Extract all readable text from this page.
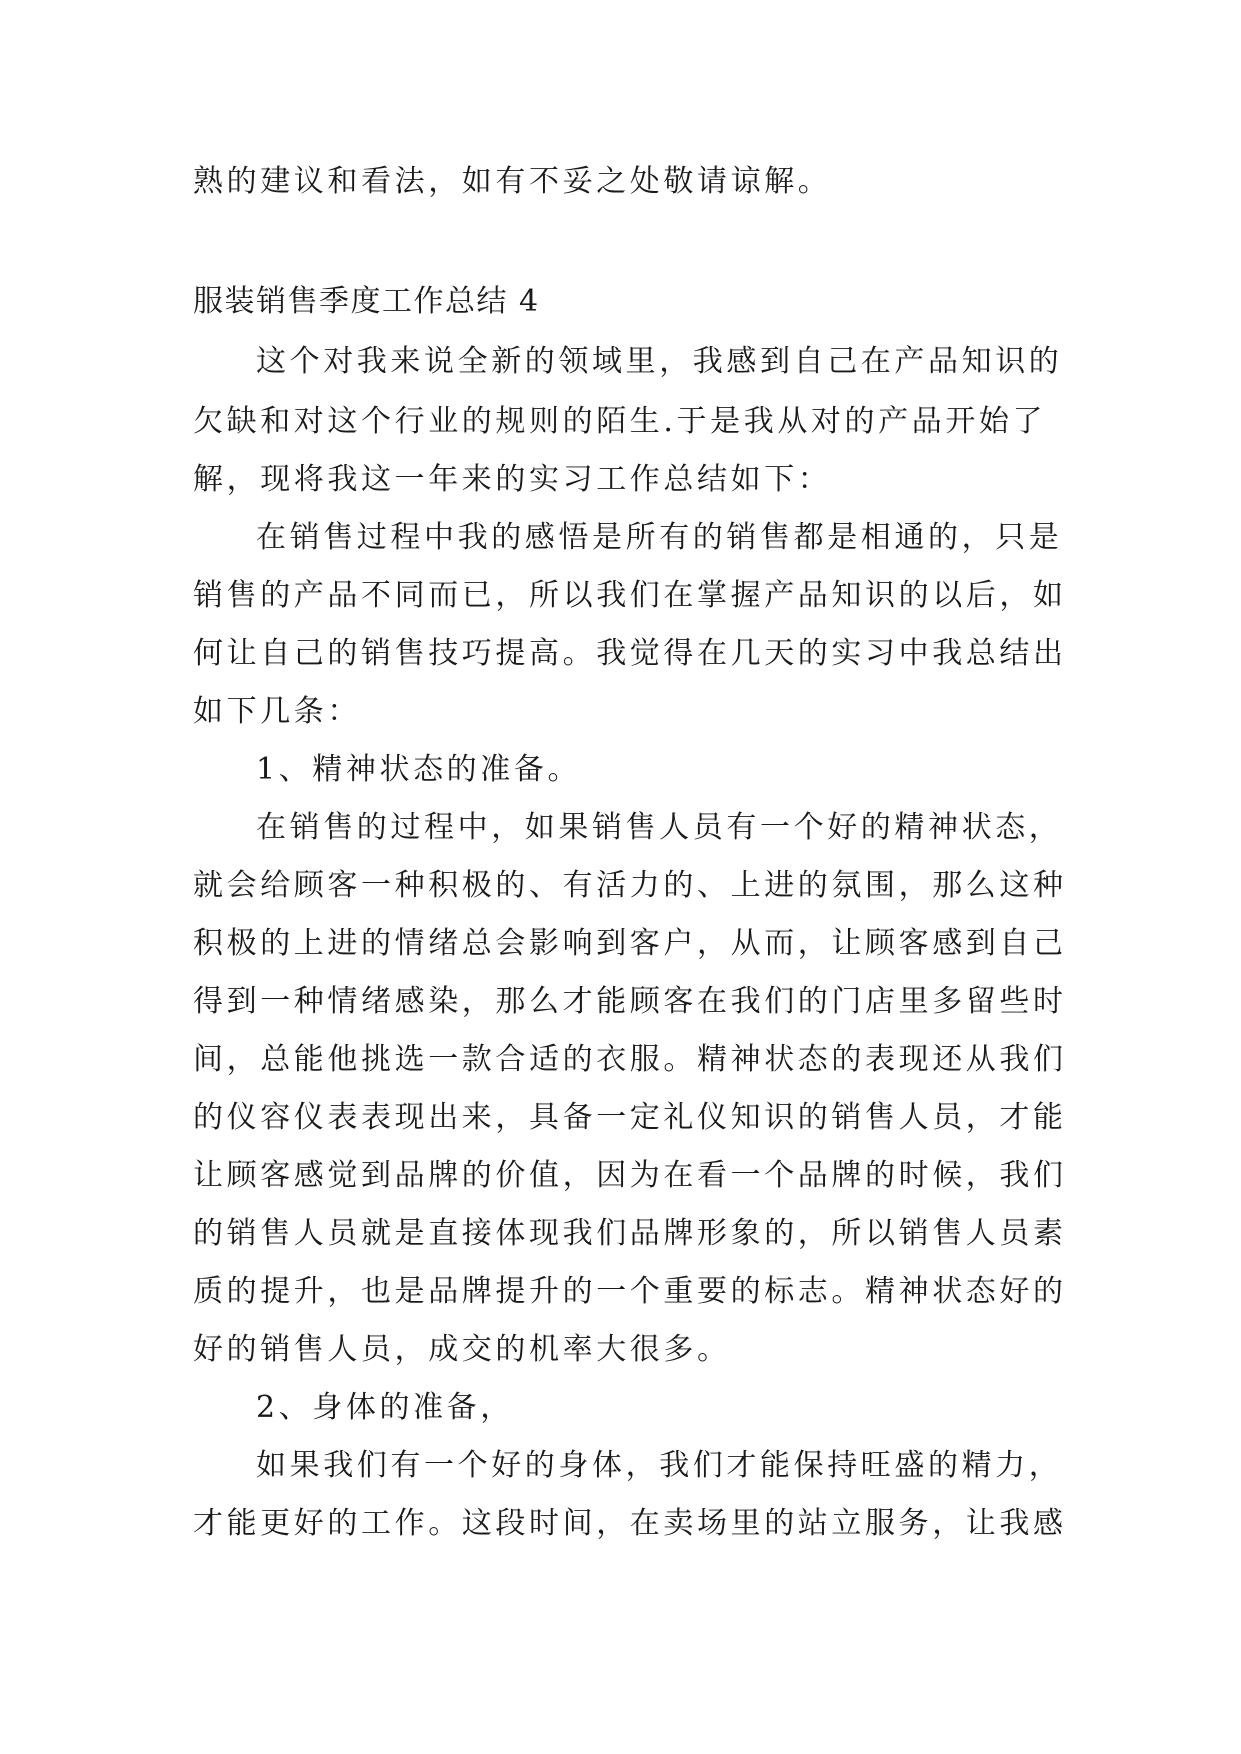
熟的建议和看法，如有不妥之处敬请谅解。
服装销售季度工作总结 4
这个对我来说全新的领域里，我感到自己在产品知识的
欠缺和对这个行业的规则的陌生.于是我从对的产品开始了
解，现将我这一年来的实习工作总结如下：
在销售过程中我的感悟是所有的销售都是相通的，只是
销售的产品不同而已，所以我们在掌握产品知识的以后，如
何让自己的销售技巧提高。我觉得在几天的实习中我总结出
如下几条：
1、精神状态的准备。
在销售的过程中，如果销售人员有一个好的精神状态，
就会给顾客一种积极的、有活力的、上进的氛围，那么这种
积极的上进的情绪总会影响到客户，从而，让顾客感到自己
得到一种情绪感染，那么才能顾客在我们的门店里多留些时
间，总能他挑选一款合适的衣服。精神状态的表现还从我们
的仪容仪表表现出来，具备一定礼仪知识的销售人员，才能
让顾客感觉到品牌的价值，因为在看一个品牌的时候，我们
的销售人员就是直接体现我们品牌形象的，所以销售人员素
质的提升，也是品牌提升的一个重要的标志。精神状态好的
好的销售人员，成交的机率大很多。
2、身体的准备，
如果我们有一个好的身体，我们才能保持旺盛的精力，
才能更好的工作。这段时间，在卖场里的站立服务，让我感
